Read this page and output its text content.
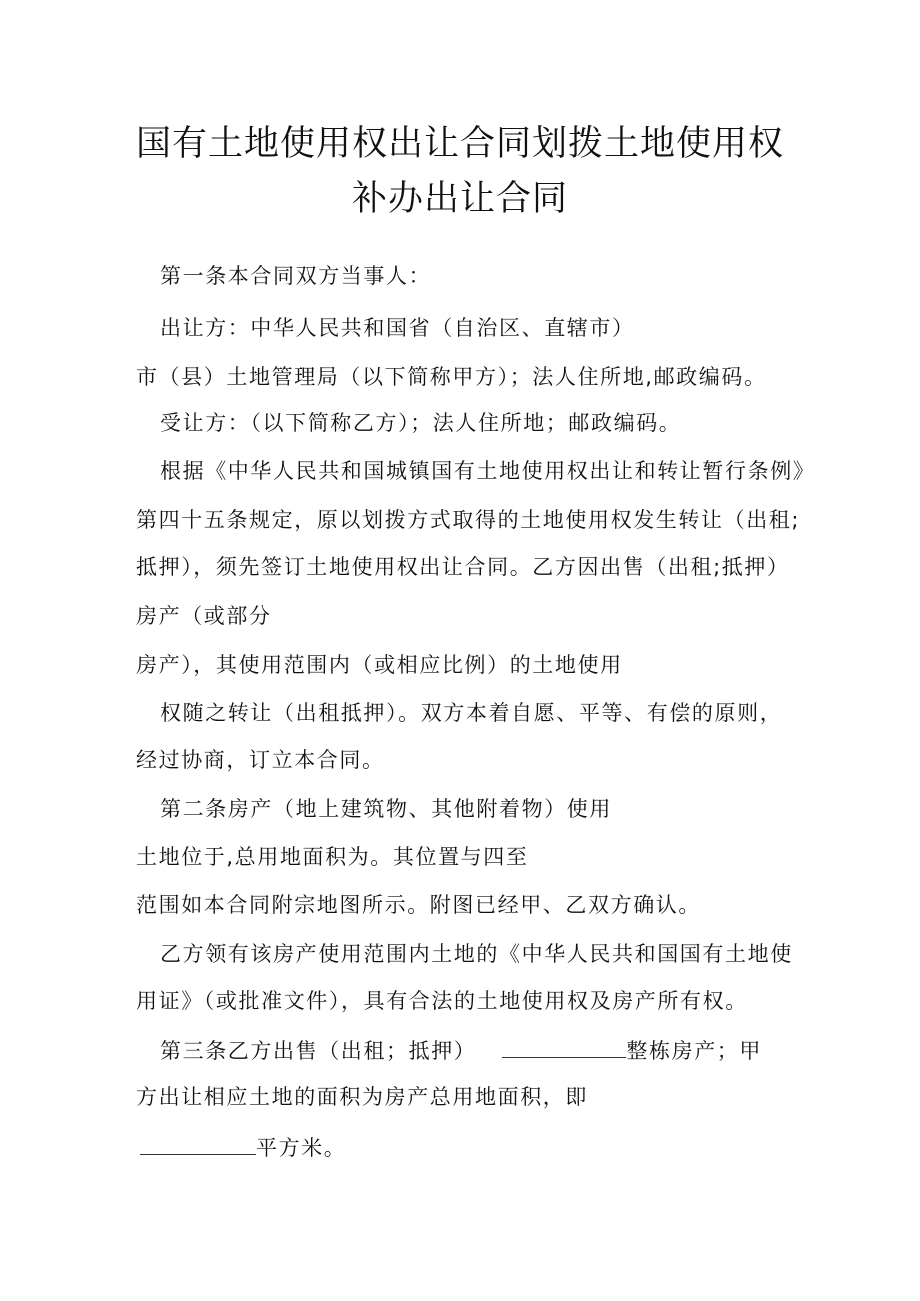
国有土地使用权出让合同划拨土地使用权
补办出让合同
第一条本合同双方当事人：
出让方：中华人民共和国省（自治区、直辖市）
市（县）土地管理局（以下简称甲方）；法人住所地,邮政编码。
受让方：（以下简称乙方）；法人住所地；邮政编码。
根据《中华人民共和国城镇国有土地使用权出让和转让暂行条例》
第四十五条规定，原以划拨方式取得的土地使用权发生转让（出租;
抵押），须先签订土地使用权出让合同。乙方因出售（出租;抵押）
房产（或部分
房产），其使用范围内（或相应比例）的土地使用
权随之转让（出租抵押）。双方本着自愿、平等、有偿的原则，
经过协商，订立本合同。
第二条房产（地上建筑物、其他附着物）使用
土地位于,总用地面积为。其位置与四至
范围如本合同附宗地图所示。附图已经甲、乙双方确认。
乙方领有该房产使用范围内土地的《中华人民共和国国有土地使
用证》（或批准文件），具有合法的土地使用权及房产所有权。
第三条乙方出售（出租；抵押）	整栋房产；甲
方出让相应土地的面积为房产总用地面积，即
平方米。
